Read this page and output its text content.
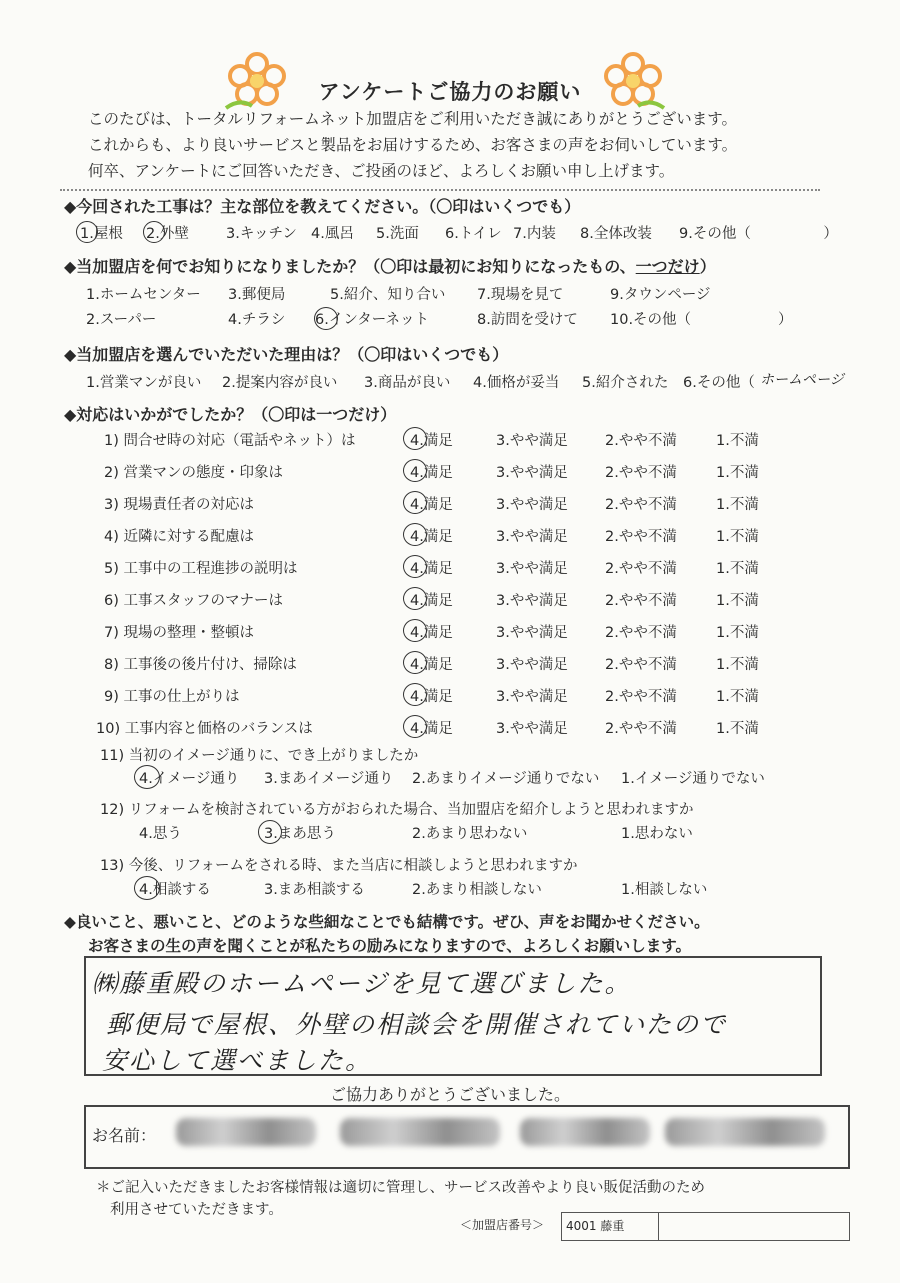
アンケートご協力のお願い
このたびは、トータルリフォームネット加盟店をご利用いただき誠にありがとうございます。
これからも、より良いサービスと製品をお届けするため、お客さまの声をお伺いしています。
何卒、アンケートにご回答いただき、ご投函のほど、よろしくお願い申し上げます。
◆今回された工事は？主な部位を教えてください。（〇印はいくつでも）
1.屋根 2.外壁	3.キッチン 4.風呂 5.洗面 6.トイレ 7.内装 8.全体改装 9.その他（　　　　　）
◆当加盟店を何でお知りになりましたか？（〇印は最初にお知りになったもの、一つだけ）
1.ホームセンター 3.郵便局	5.紹介、知り合い 7.現場を見て	9.タウンページ
2.スーパー	4.チラシ 6.インターネット	8.訪問を受けて 10.その他（　　　　　　）
◆当加盟店を選んでいただいた理由は？（〇印はいくつでも）
1.営業マンが良い 2.提案内容が良い 3.商品が良い 4.価格が妥当 5.紹介された 6.その他（ ホームページ
◆対応はいかがでしたか？（〇印は一つだけ）
1) 問合せ時の対応（電話やネット）は	4.満足	3.やや満足	2.やや不満	1.不満
2) 営業マンの態度・印象は	4.満足	3.やや満足	2.やや不満	1.不満
3) 現場責任者の対応は	4.満足	3.やや満足	2.やや不満	1.不満
4) 近隣に対する配慮は	4.満足	3.やや満足	2.やや不満	1.不満
5) 工事中の工程進捗の説明は	4.満足	3.やや満足	2.やや不満	1.不満
6) 工事スタッフのマナーは	4.満足	3.やや満足	2.やや不満	1.不満
7) 現場の整理・整頓は	4.満足	3.やや満足	2.やや不満	1.不満
8) 工事後の後片付け、掃除は	4.満足	3.やや満足	2.やや不満	1.不満
9) 工事の仕上がりは	4.満足	3.やや満足	2.やや不満	1.不満
10) 工事内容と価格のバランスは	4.満足	3.やや満足	2.やや不満	1.不満
11) 当初のイメージ通りに、でき上がりましたか
4.イメージ通り 3.まあイメージ通り 2.あまりイメージ通りでない 1.イメージ通りでない
12) リフォームを検討されている方がおられた場合、当加盟店を紹介しようと思われますか
4.思う	3.まあ思う	2.あまり思わない	1.思わない
13) 今後、リフォームをされる時、また当店に相談しようと思われますか
4.相談する	3.まあ相談する	2.あまり相談しない	1.相談しない
◆良いこと、悪いこと、どのような些細なことでも結構です。ぜひ、声をお聞かせください。
お客さまの生の声を聞くことが私たちの励みになりますので、よろしくお願いします。
㈱藤重殿のホームページを見て選びました。
郵便局で屋根、外壁の相談会を開催されていたので
安心して選べました。
ご協力ありがとうございました。
お名前：
＊ご記入いただきましたお客様情報は適切に管理し、サービス改善やより良い販促活動のため
利用させていただきます。
＜加盟店番号＞ 4001 藤重
